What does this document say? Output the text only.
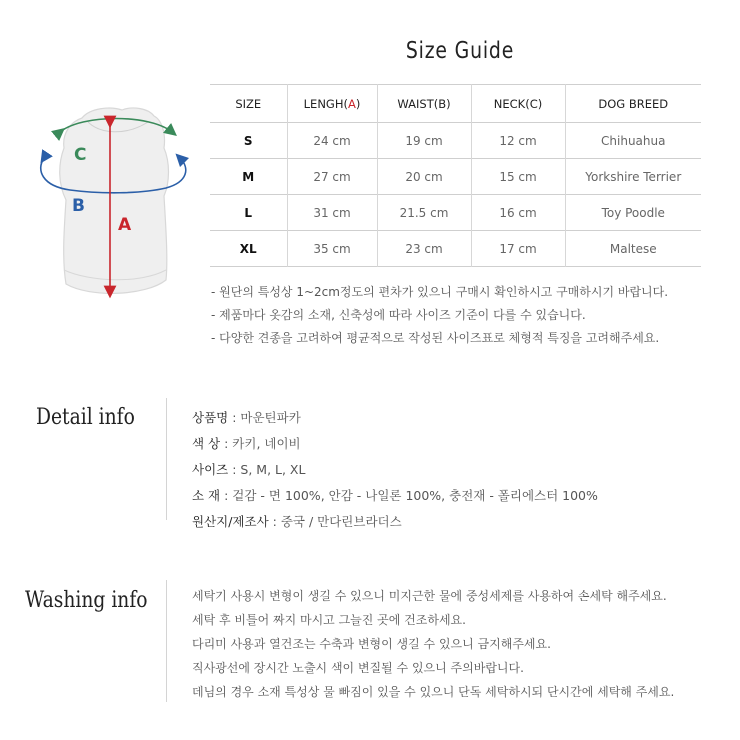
C
B
A
Size Guide
SIZE	LENGH(A)	WAIST(B)	NECK(C)	DOG BREED
S	24 cm	19 cm	12 cm	Chihuahua
M	27 cm	20 cm	15 cm	Yorkshire Terrier
L	31 cm	21.5 cm	16 cm	Toy Poodle
XL	35 cm	23 cm	17 cm	Maltese
- 원단의 특성상 1~2cm정도의 편차가 있으니 구매시 확인하시고 구매하시기 바랍니다.
- 제품마다 옷감의 소재, 신축성에 따라 사이즈 기준이 다를 수 있습니다.
- 다양한 견종을 고려하여 평균적으로 작성된 사이즈표로 체형적 특징을 고려해주세요.
Detail info	상품명 : 마운틴파카
색 상 : 카키, 네이비
사이즈 : S, M, L, XL
소 재 : 겉감 - 면 100%, 안감 - 나일론 100%, 충전재 - 폴리에스터 100%
원산지/제조사 : 중국 / 만다린브라더스
Washing info	세탁기 사용시 변형이 생길 수 있으니 미지근한 물에 중성세제를 사용하여 손세탁 해주세요.
세탁 후 비틀어 짜지 마시고 그늘진 곳에 건조하세요.
다리미 사용과 열건조는 수축과 변형이 생길 수 있으니 금지해주세요.
직사광선에 장시간 노출시 색이 변질될 수 있으니 주의바랍니다.
데님의 경우 소재 특성상 물 빠짐이 있을 수 있으니 단독 세탁하시되 단시간에 세탁해 주세요.
